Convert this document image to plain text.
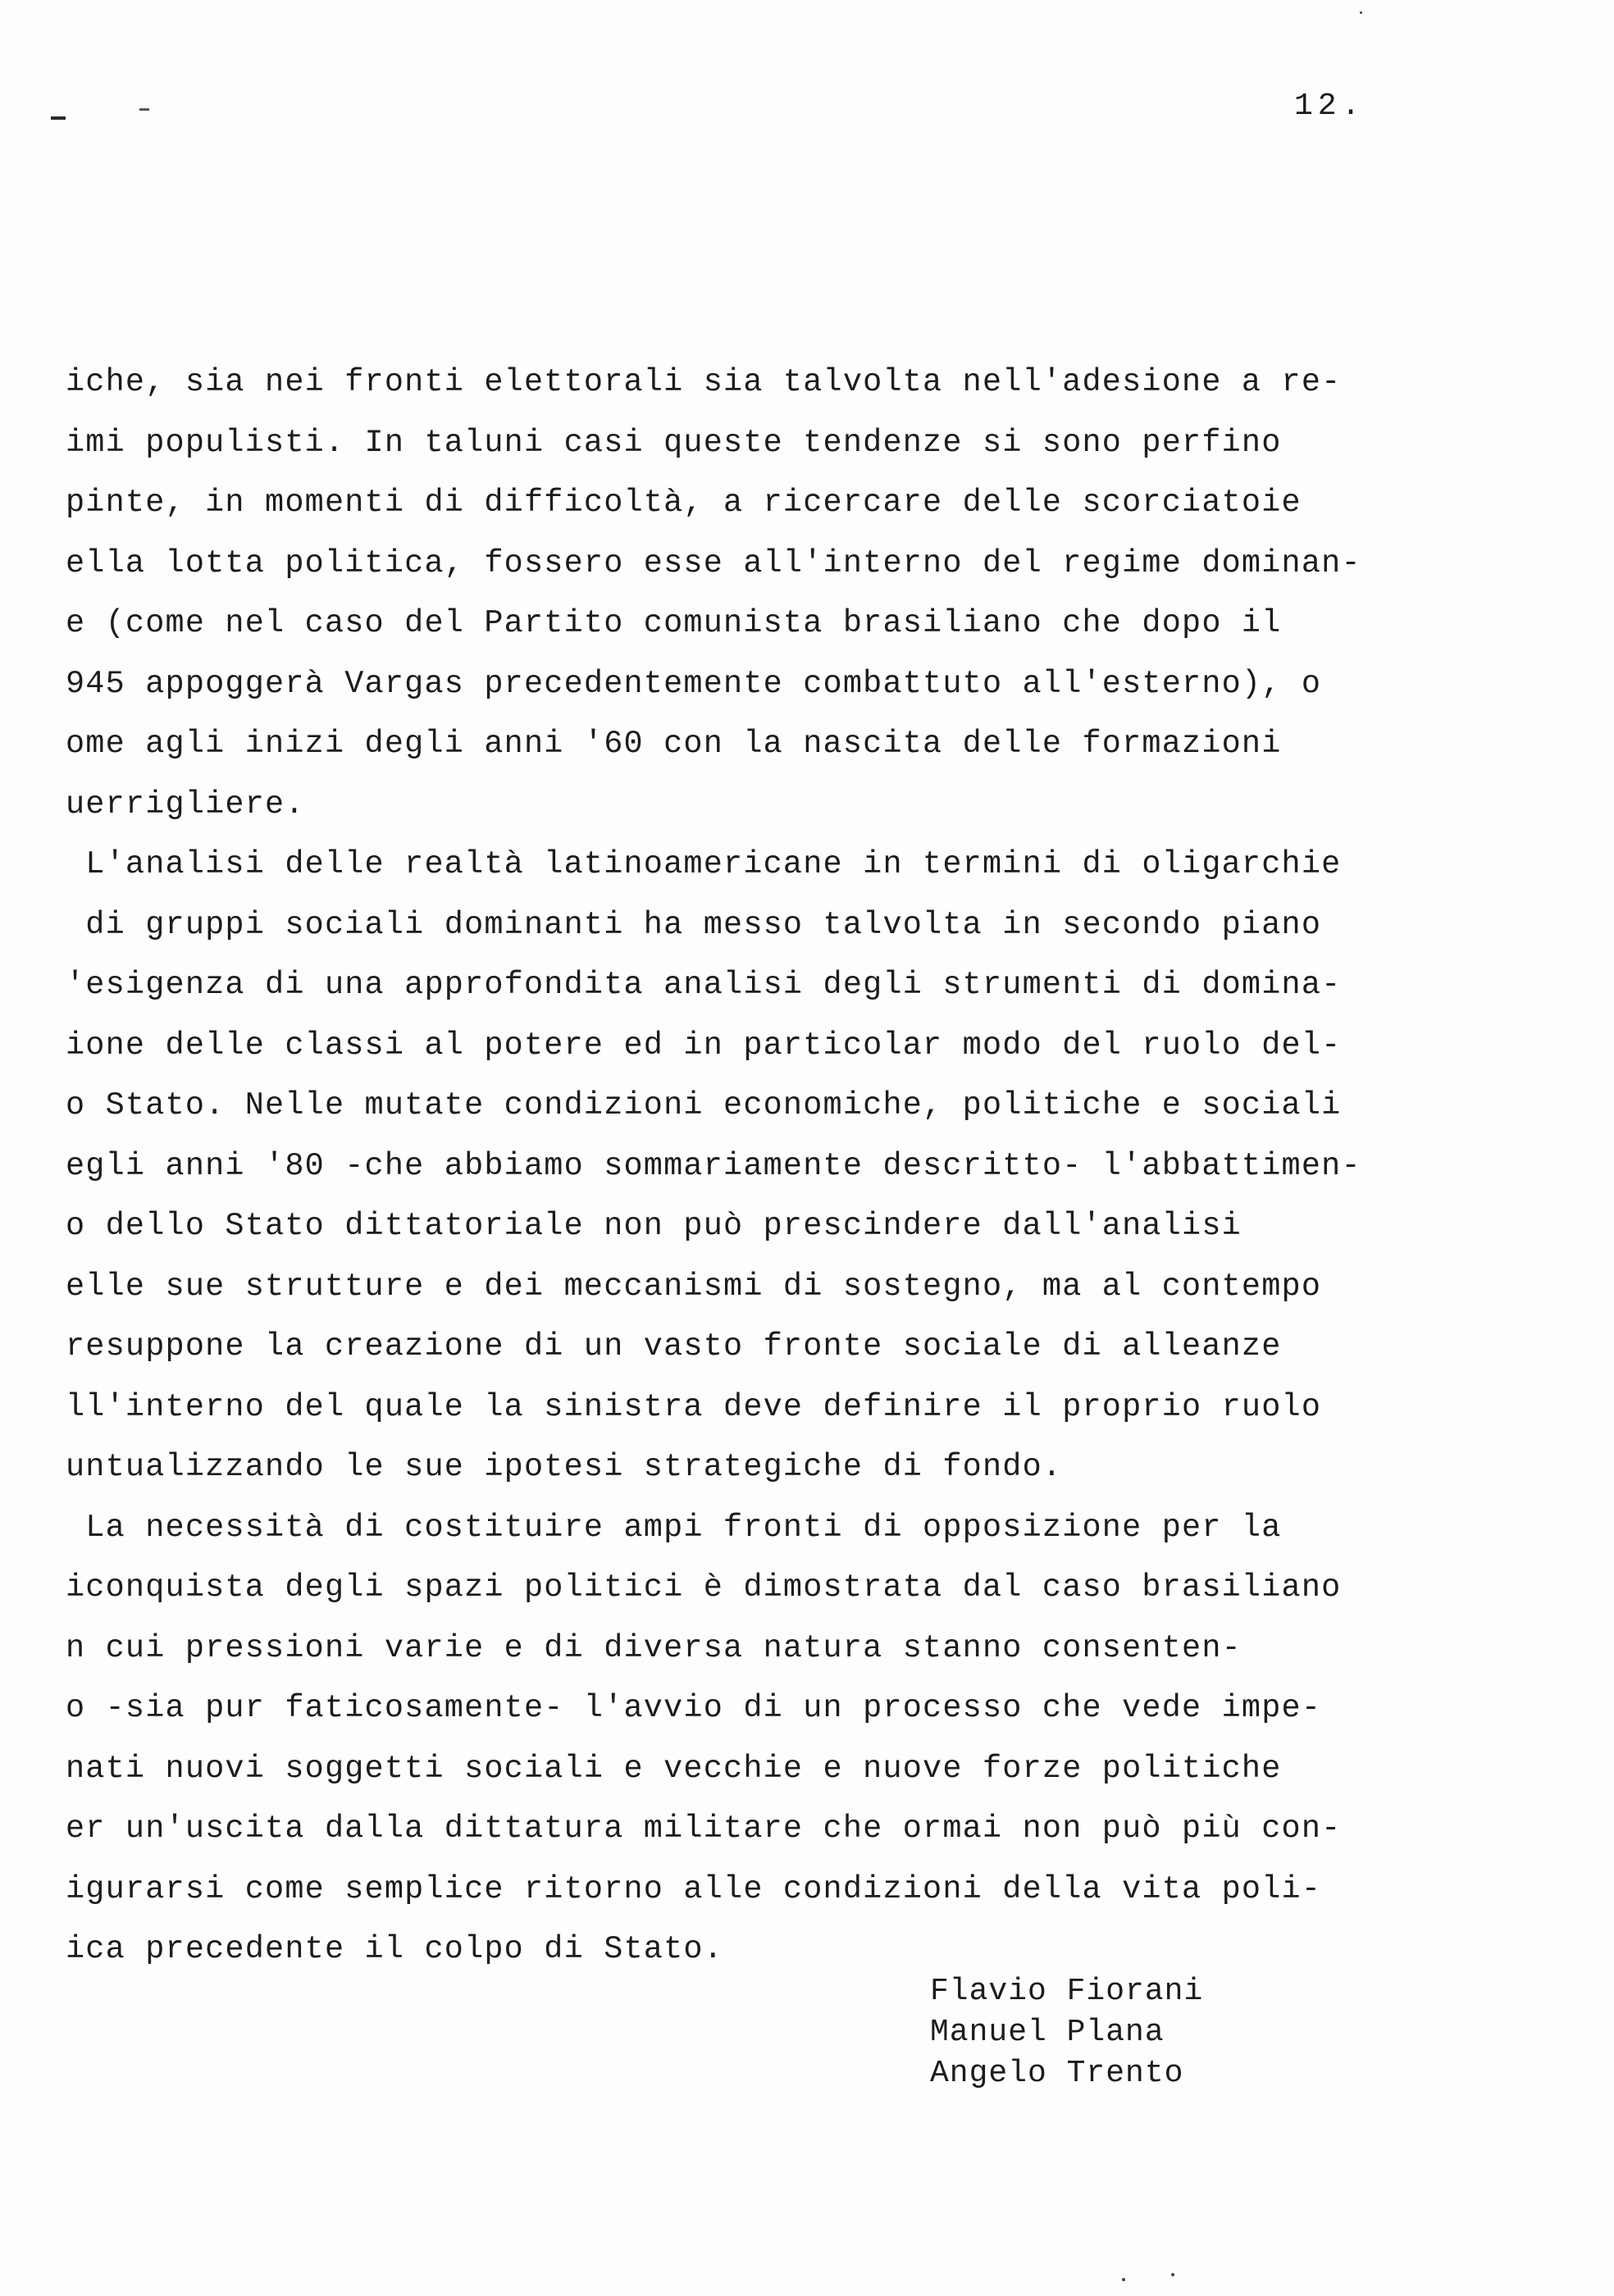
12.
iche, sia nei fronti elettorali sia talvolta nell'adesione a re-
imi populisti. In taluni casi queste tendenze si sono perfino
pinte, in momenti di difficoltà, a ricercare delle scorciatoie
ella lotta politica, fossero esse all'interno del regime dominan-
e (come nel caso del Partito comunista brasiliano che dopo il
945 appoggerà Vargas precedentemente combattuto all'esterno), o
ome agli inizi degli anni '60 con la nascita delle formazioni
uerrigliere.
L'analisi delle realtà latinoamericane in termini di oligarchie
di gruppi sociali dominanti ha messo talvolta in secondo piano
'esigenza di una approfondita analisi degli strumenti di domina-
ione delle classi al potere ed in particolar modo del ruolo del-
o Stato. Nelle mutate condizioni economiche, politiche e sociali
egli anni '80 -che abbiamo sommariamente descritto- l'abbattimen-
o dello Stato dittatoriale non può prescindere dall'analisi
elle sue strutture e dei meccanismi di sostegno, ma al contempo
resuppone la creazione di un vasto fronte sociale di alleanze
ll'interno del quale la sinistra deve definire il proprio ruolo
untualizzando le sue ipotesi strategiche di fondo.
La necessità di costituire ampi fronti di opposizione per la
iconquista degli spazi politici è dimostrata dal caso brasiliano
n cui pressioni varie e di diversa natura stanno consenten-
o -sia pur faticosamente- l'avvio di un processo che vede impe-
nati nuovi soggetti sociali e vecchie e nuove forze politiche
er un'uscita dalla dittatura militare che ormai non può più con-
igurarsi come semplice ritorno alle condizioni della vita poli-
ica precedente il colpo di Stato.
Flavio Fiorani
Manuel Plana
Angelo Trento
